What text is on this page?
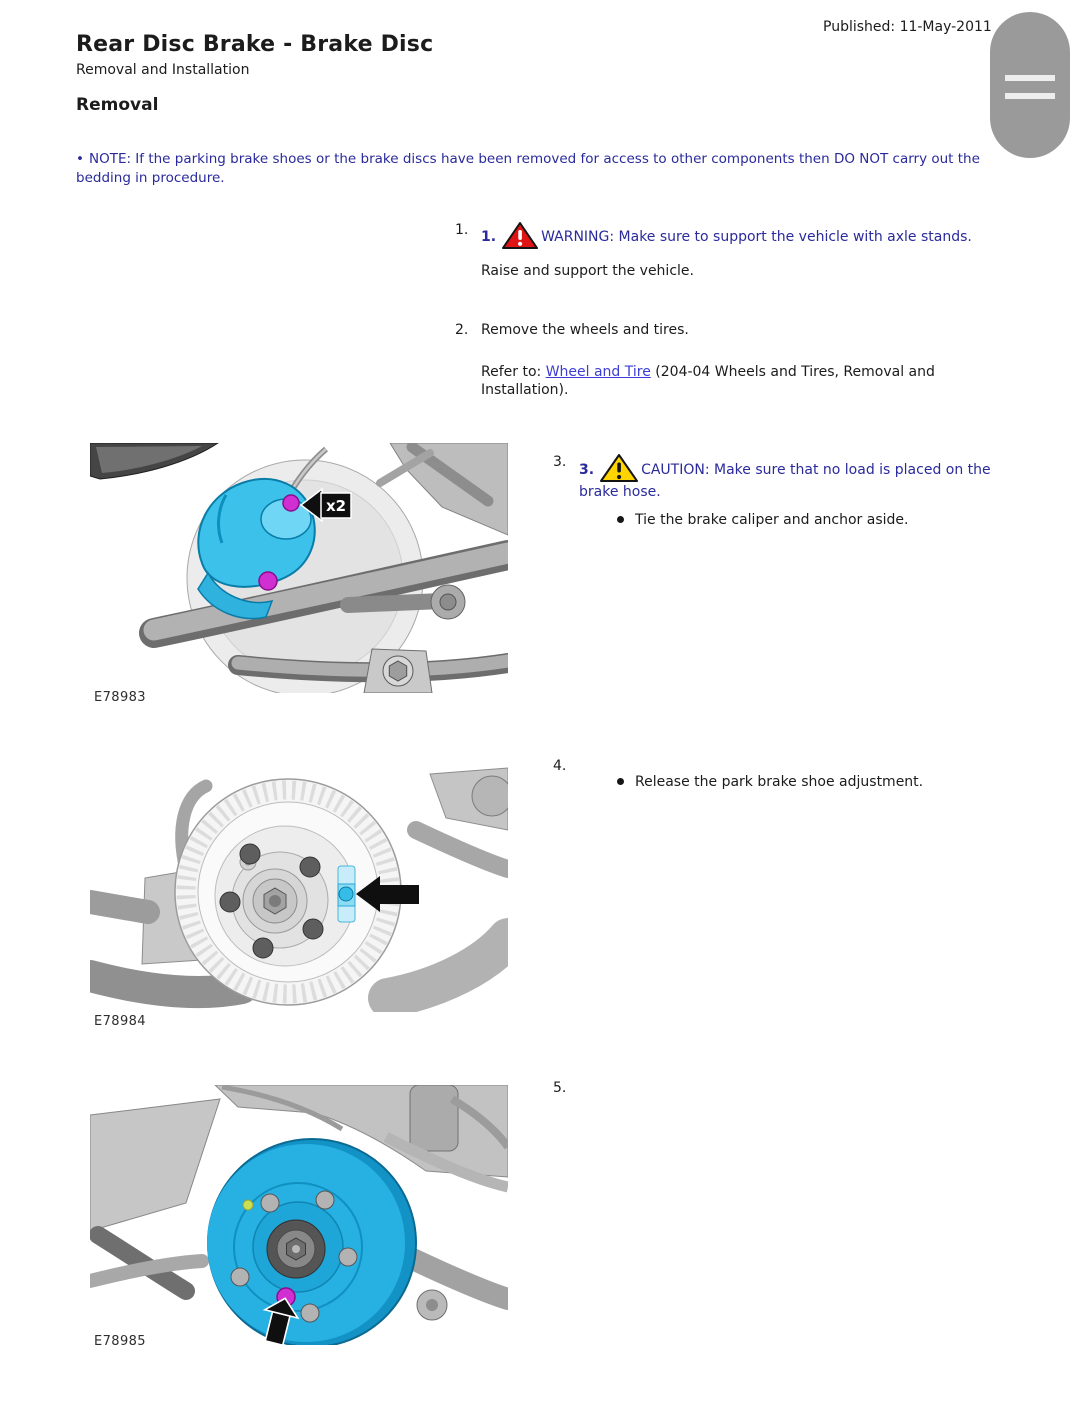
Published: 11-May-2011
Rear Disc Brake - Brake Disc
Removal and Installation
Removal

• NOTE: If the parking brake shoes or the brake discs have been removed for access to other components then DO NOT carry out the bedding in procedure.

1. 1.	WARNING: Make sure to support the vehicle with axle stands.

Raise and support the vehicle.

2. Remove the wheels and tires.

Refer to: Wheel and Tire (204-04 Wheels and Tires, Removal and Installation).

3. 3.	CAUTION: Make sure that no load is placed on the brake hose.

Tie the brake caliper and anchor aside.
4.
Release the park brake shoe adjustment.
5.
x2
E78983
E78984
E78985
